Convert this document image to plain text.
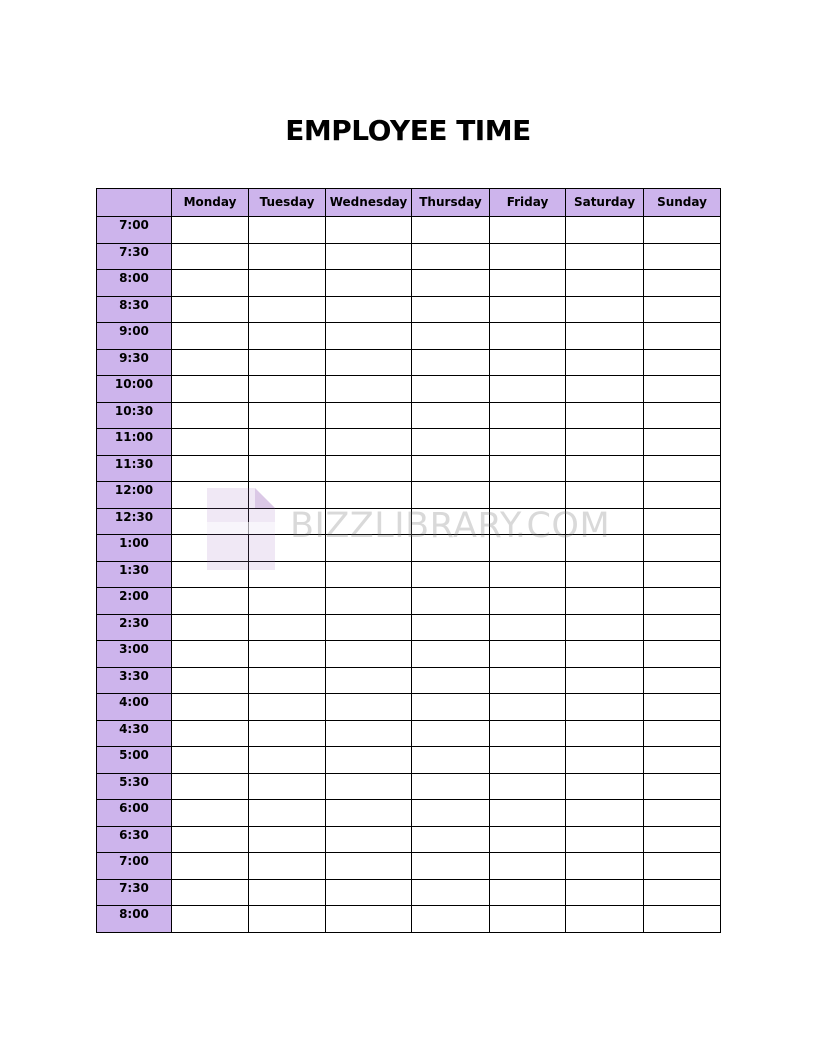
EMPLOYEE TIME
	Monday	Tuesday	Wednesday	Thursday	Friday	Saturday	Sunday
7:00							
7:30							
8:00							
8:30							
9:00							
9:30							
10:00							
10:30							
11:00							
11:30							
12:00							
12:30							
1:00							
1:30							
2:00							
2:30							
3:00							
3:30							
4:00							
4:30							
5:00							
5:30							
6:00							
6:30							
7:00							
7:30							
8:00							
BIZZLIBRARY.COM
